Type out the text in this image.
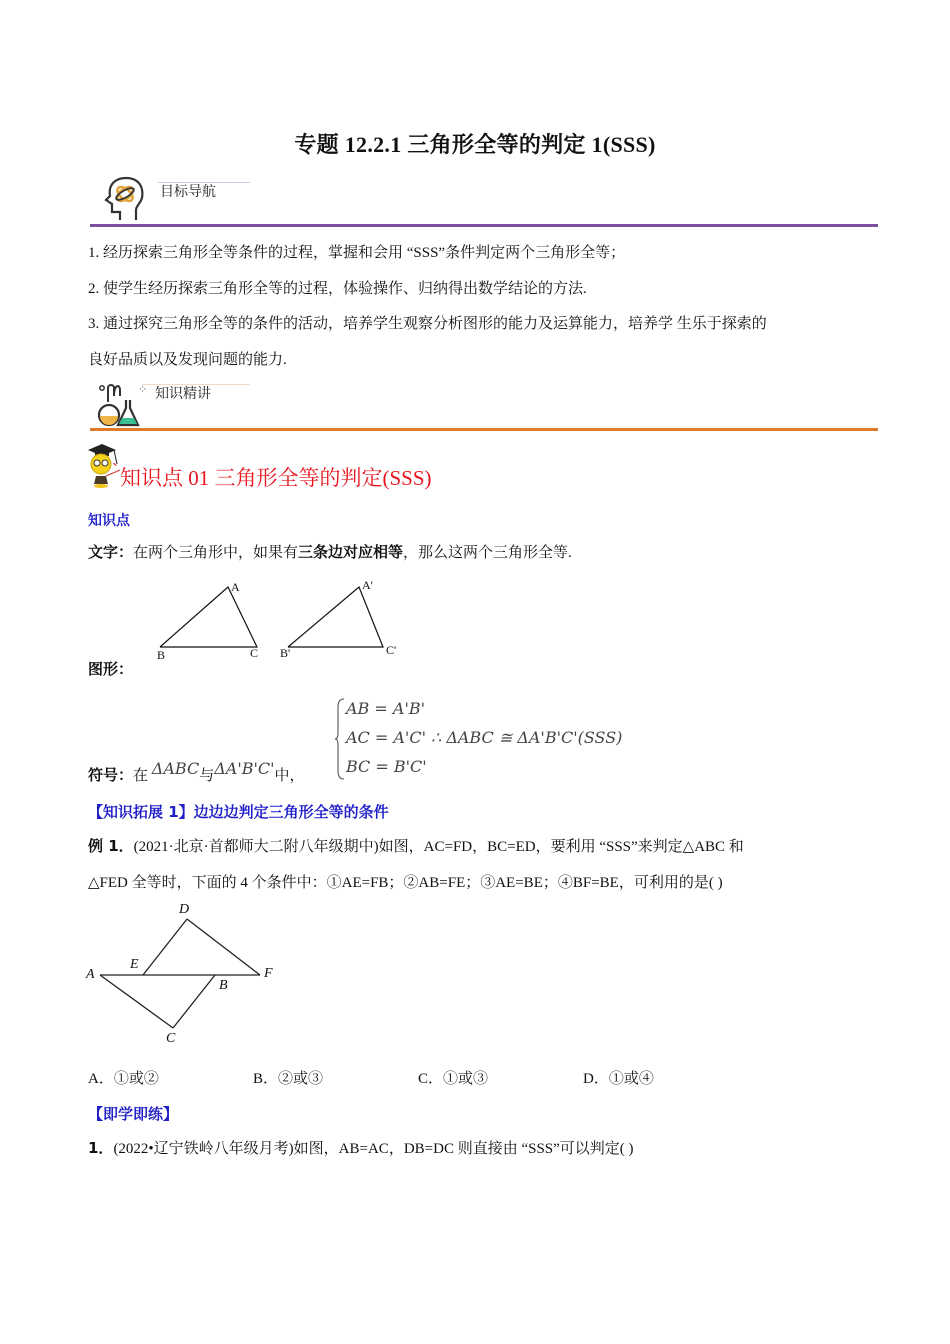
专题 12.2.1 三角形全等的判定 1(SSS)
目标导航
1. 经历探索三角形全等条件的过程，掌握和会用 “SSS”条件判定两个三角形全等；
2. 使学生经历探索三角形全等的过程，体验操作、归纳得出数学结论的方法.
3. 通过探究三角形全等的条件的活动，培养学生观察分析图形的能力及运算能力，培养学 生乐于探索的
良好品质以及发现问题的能力.
⁘ 知识精讲
` 知识点 01 三角形全等的判定(SSS)
知识点
文字：在两个三角形中，如果有三条边对应相等，那么这两个三角形全等.
A
B	C
A'
B'	C'
图形：
符号：在 ΔABC与ΔA'B'C'中，
AB = A'B'
AC = A'C' ∴ ΔABC ≅ ΔA'B'C'(SSS)
BC = B'C'
【知识拓展 1】边边边判定三角形全等的条件
例 1．(2021·北京·首都师大二附八年级期中)如图，AC=FD，BC=ED，要利用 “SSS”来判定△ABC 和
△FED 全等时，下面的 4 个条件中：①AE=FB；②AB=FE；③AE=BE；④BF=BE，可利用的是( )
D
E
A	F
B
C
A．①或②	B．②或③	C．①或③	D．①或④
【即学即练】
1．(2022•辽宁铁岭八年级月考)如图，AB=AC，DB=DC 则直接由 “SSS”可以判定( )
